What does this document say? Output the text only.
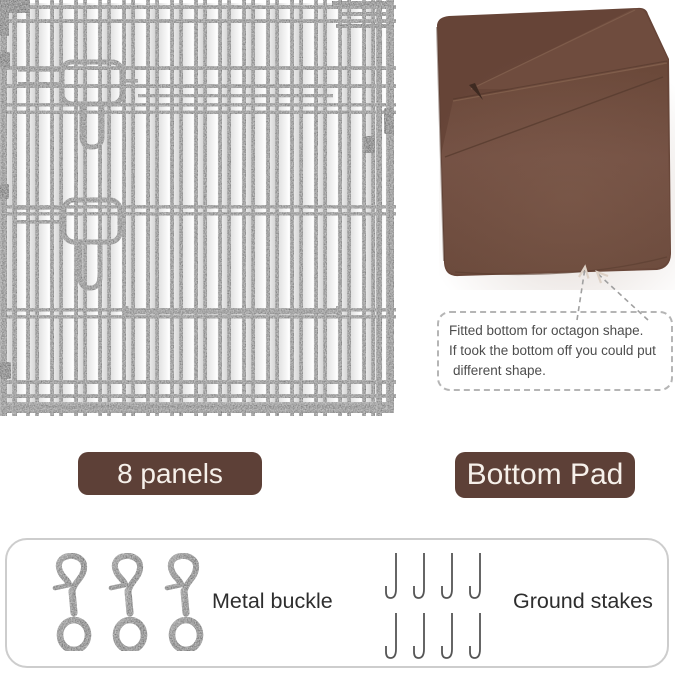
Fitted bottom for octagon shape.
If took the bottom off you could put
different shape.
8 panels	Bottom Pad
Metal buckle	Ground stakes
